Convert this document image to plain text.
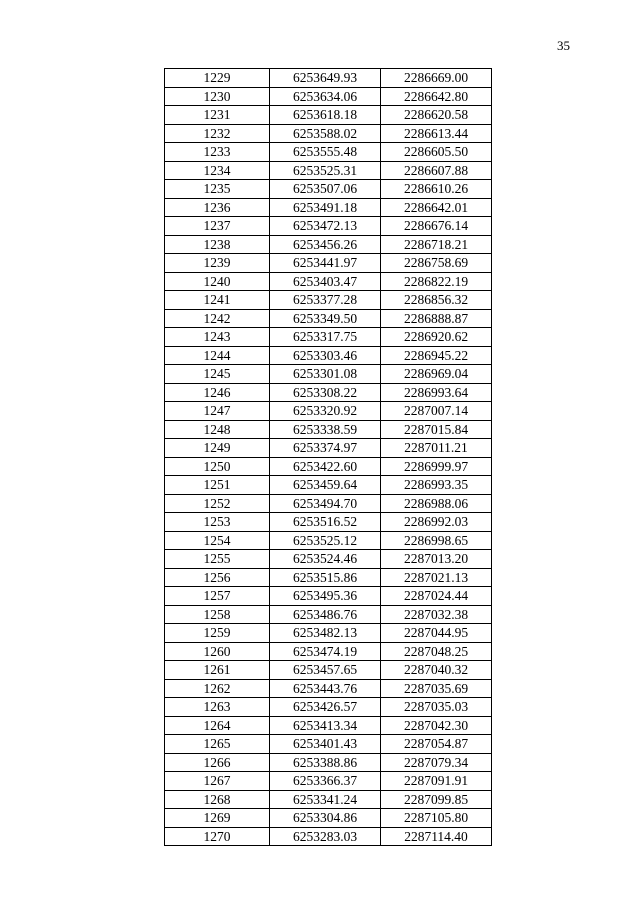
35
1229	6253649.93	2286669.00
1230	6253634.06	2286642.80
1231	6253618.18	2286620.58
1232	6253588.02	2286613.44
1233	6253555.48	2286605.50
1234	6253525.31	2286607.88
1235	6253507.06	2286610.26
1236	6253491.18	2286642.01
1237	6253472.13	2286676.14
1238	6253456.26	2286718.21
1239	6253441.97	2286758.69
1240	6253403.47	2286822.19
1241	6253377.28	2286856.32
1242	6253349.50	2286888.87
1243	6253317.75	2286920.62
1244	6253303.46	2286945.22
1245	6253301.08	2286969.04
1246	6253308.22	2286993.64
1247	6253320.92	2287007.14
1248	6253338.59	2287015.84
1249	6253374.97	2287011.21
1250	6253422.60	2286999.97
1251	6253459.64	2286993.35
1252	6253494.70	2286988.06
1253	6253516.52	2286992.03
1254	6253525.12	2286998.65
1255	6253524.46	2287013.20
1256	6253515.86	2287021.13
1257	6253495.36	2287024.44
1258	6253486.76	2287032.38
1259	6253482.13	2287044.95
1260	6253474.19	2287048.25
1261	6253457.65	2287040.32
1262	6253443.76	2287035.69
1263	6253426.57	2287035.03
1264	6253413.34	2287042.30
1265	6253401.43	2287054.87
1266	6253388.86	2287079.34
1267	6253366.37	2287091.91
1268	6253341.24	2287099.85
1269	6253304.86	2287105.80
1270	6253283.03	2287114.40
